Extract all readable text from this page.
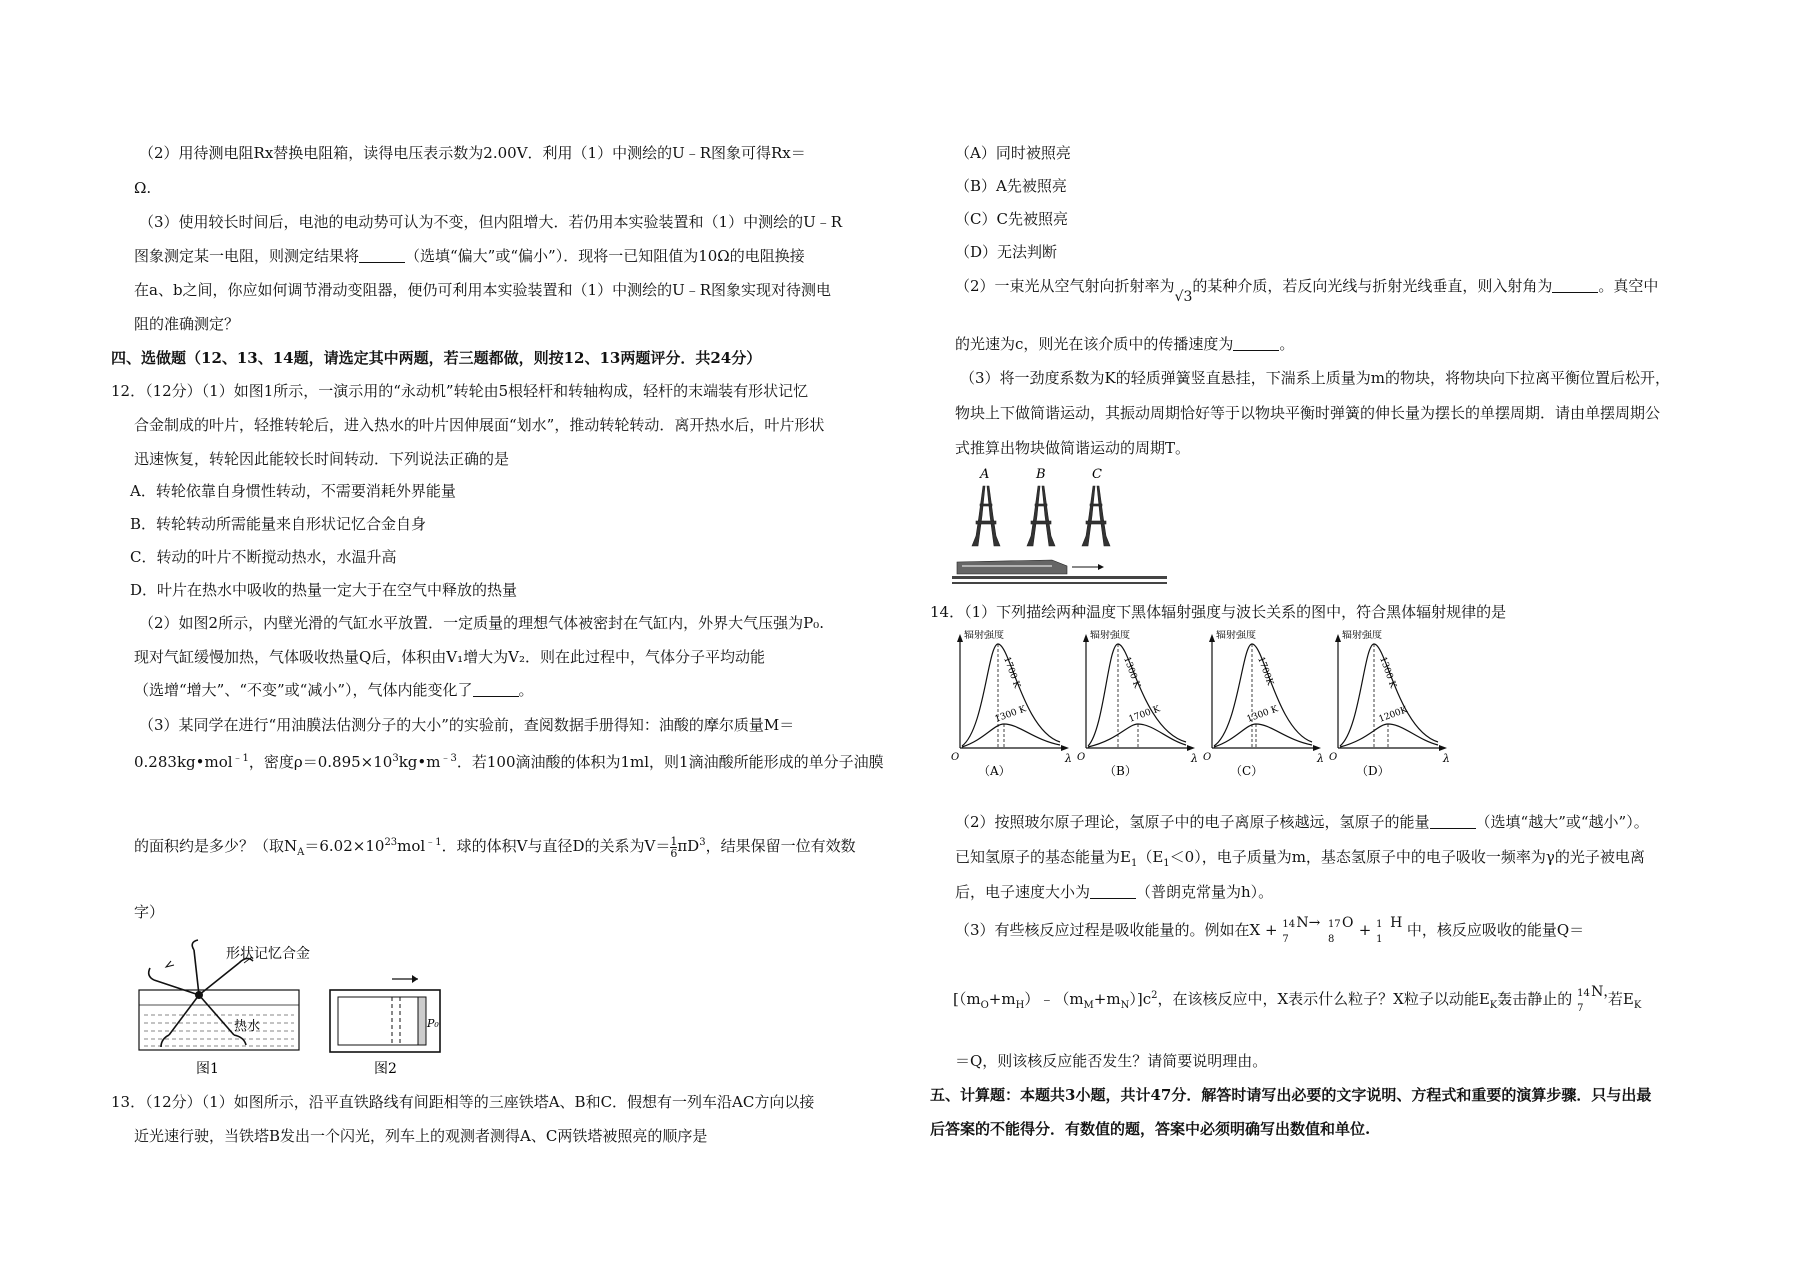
（2）用待测电阻Rx替换电阻箱，读得电压表示数为2.00V．利用（1）中测绘的U﹣R图象可得Rx＝
Ω.
（3）使用较长时间后，电池的电动势可认为不变，但内阻增大．若仍用本实验装置和（1）中测绘的U﹣R
图象测定某一电阻，则测定结果将	（选填“偏大”或“偏小”）．现将一已知阻值为10Ω的电阻换接
在a、b之间，你应如何调节滑动变阻器，便仍可利用本实验装置和（1）中测绘的U﹣R图象实现对待测电
阻的准确测定？
四、选做题（12、13、14题，请选定其中两题，若三题都做，则按12、13两题评分．共24分）
12．（12分）（1）如图1所示，一演示用的“永动机”转轮由5根轻杆和转轴构成，轻杆的末端装有形状记忆
合金制成的叶片，轻推转轮后，进入热水的叶片因伸展面“划水”，推动转轮转动．离开热水后，叶片形状
迅速恢复，转轮因此能较长时间转动．下列说法正确的是
A．转轮依靠自身惯性转动，不需要消耗外界能量
B．转轮转动所需能量来自形状记忆合金自身
C．转动的叶片不断搅动热水，水温升高
D．叶片在热水中吸收的热量一定大于在空气中释放的热量
（2）如图2所示，内壁光滑的气缸水平放置．一定质量的理想气体被密封在气缸内，外界大气压强为P₀.
现对气缸缓慢加热，气体吸收热量Q后，体积由V₁增大为V₂．则在此过程中，气体分子平均动能
（选增“增大”、“不变”或“减小”），气体内能变化了	。
（3）某同学在进行“用油膜法估测分子的大小”的实验前，查阅数据手册得知：油酸的摩尔质量M＝
0.283kg•mol$^{﹣1}$，密度$\rho=0.895\times 10^3kg•m^{﹣3}$．若100滴油酸的体积为1ml，则1滴油酸所能形成的单分子油膜
的面积约是多少？（取$N_A=6.02\times 10^{23}mol^{﹣1}$．球的体积V与直径D的关系为$V= \frac{1}{6} \pi D^3$，结果保留一位有效数
字）
形状记忆合金
热水
图1
P₀
图2
13．（12分）（1）如图所示，沿平直铁路线有间距相等的三座铁塔A、B和C．假想有一列车沿AC方向以接
近光速行驶，当铁塔B发出一个闪光，列车上的观测者测得A、C两铁塔被照亮的顺序是
（A）同时被照亮
（B）A先被照亮
（C）C先被照亮
（D）无法判断
（2）一束光从空气射向折射率为√3的某种介质，若反向光线与折射光线垂直，则入射角为	。真空中
的光速为c，则光在该介质中的传播速度为	。
（3）将一劲度系数为K的轻质弹簧竖直悬挂，下湍系上质量为m的物块，将物块向下拉离平衡位置后松开，
物块上下做简谐运动，其振动周期恰好等于以物块平衡时弹簧的伸长量为摆长的单摆周期．请由单摆周期公
式推算出物块做简谐运动的周期T。
A	B	C
14．（1）下列描绘两种温度下黑体辐射强度与波长关系的图中，符合黑体辐射规律的是
辐射强度
1700 K
1300 K
O	λ
（A）
辐射强度
1300 K
1700 K
O	λ
（B）
辐射强度
1700K
1300 K
O	λ
（C）
辐射强度
1300 K
1200K
O	λ
（D）
（2）按照玻尔原子理论，氢原子中的电子离原子核越远，氢原子的能量	（选填“越大”或“越小”）。
已知氢原子的基态能量为$E_1(E_1<0)$，电子质量为m，基态氢原子中的电子吸收一频率为γ的光子被电离
后，电子速度大小为	（普朗克常量为h）。
（3）有些核反应过程是吸收能量的。例如在X + 14
7
N→
17
8
O + 1
1
H 中，核反应吸收的能量Q＝
$[(m_O+m_H)﹣(m_M+m_N)]c^2$，在该核反应中，X表示什么粒子？X粒子以动能$E_K$轰击静止的 14
7
N，
若$E_K$
＝Q，则该核反应能否发生？请简要说明理由。
五、计算题：本题共3小题，共计47分．解答时请写出必要的文字说明、方程式和重要的演算步骤．只与出最
后答案的不能得分．有数值的题，答案中必须明确写出数值和单位.
